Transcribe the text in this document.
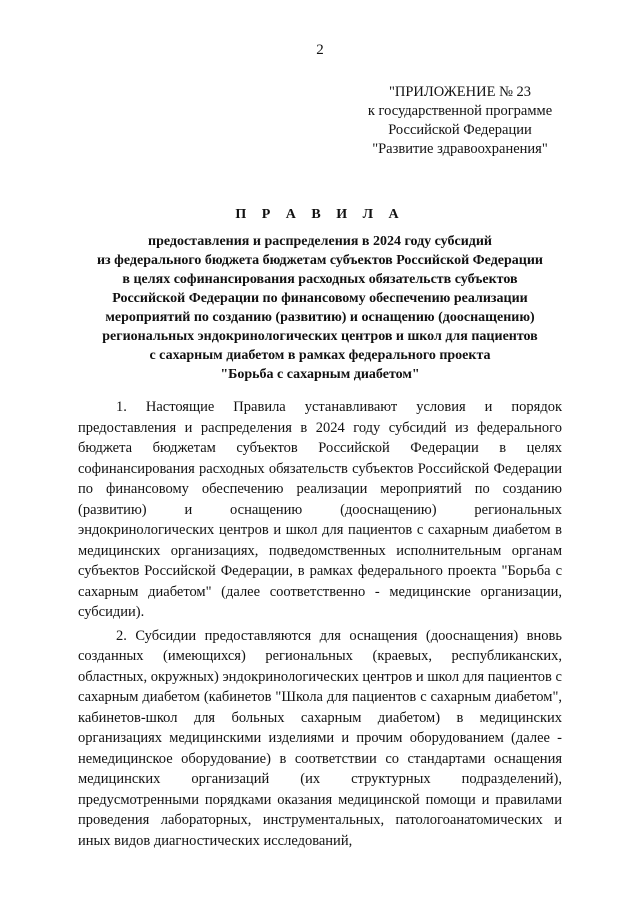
2
"ПРИЛОЖЕНИЕ № 23
к государственной программе
Российской Федерации
"Развитие здравоохранения"
П Р А В И Л А
предоставления и распределения в 2024 году субсидий
из федерального бюджета бюджетам субъектов Российской Федерации
в целях софинансирования расходных обязательств субъектов
Российской Федерации по финансовому обеспечению реализации
мероприятий по созданию (развитию) и оснащению (дооснащению)
региональных эндокринологических центров и школ для пациентов
с сахарным диабетом в рамках федерального проекта
"Борьба с сахарным диабетом"

1. Настоящие Правила устанавливают условия и порядок предоставления и распределения в 2024 году субсидий из федерального бюджета бюджетам субъектов Российской Федерации в целях софинансирования расходных обязательств субъектов Российской Федерации по финансовому обеспечению реализации мероприятий по созданию (развитию) и оснащению (дооснащению) региональных эндокринологических центров и школ для пациентов с сахарным диабетом в медицинских организациях, подведомственных исполнительным органам субъектов Российской Федерации, в рамках федерального проекта "Борьба с сахарным диабетом" (далее соответственно - медицинские организации, субсидии).

2. Субсидии предоставляются для оснащения (дооснащения) вновь созданных (имеющихся) региональных (краевых, республиканских, областных, окружных) эндокринологических центров и школ для пациентов с сахарным диабетом (кабинетов "Школа для пациентов с сахарным диабетом", кабинетов-школ для больных сахарным диабетом) в медицинских организациях медицинскими изделиями и прочим оборудованием (далее - немедицинское оборудование) в соответствии со стандартами оснащения медицинских организаций (их структурных подразделений), предусмотренными порядками оказания медицинской помощи и правилами проведения лабораторных, инструментальных, патологоанатомических и иных видов диагностических исследований,
